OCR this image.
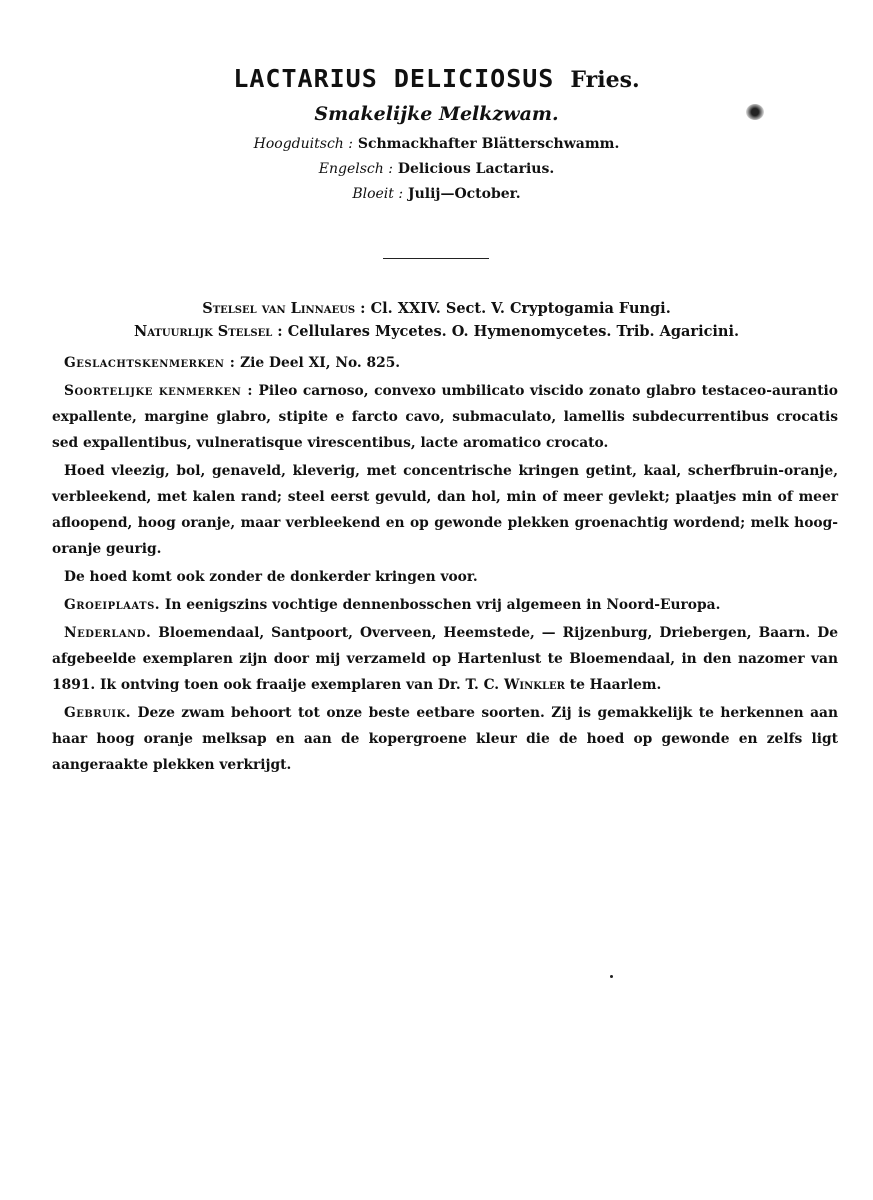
LACTARIUS DELICIOSUS Fries.
Smakelijke Melkzwam.
Hoogduitsch : Schmackhafter Blätterschwamm.
Engelsch : Delicious Lactarius.
Bloeit : Julij—October.
Stelsel van Linnaeus : Cl. XXIV. Sect. V. Cryptogamia Fungi.
Natuurlijk Stelsel : Cellulares Mycetes. O. Hymenomycetes. Trib. Agaricini.

Geslachtskenmerken : Zie Deel XI, No. 825.

Soortelijke kenmerken : Pileo carnoso, convexo umbilicato viscido zonato glabro testaceo-aurantio expallente, margine glabro, stipite e farcto cavo, submaculato, lamellis subdecurrentibus crocatis sed expallentibus, vulneratisque virescentibus, lacte aromatico crocato.

Hoed vleezig, bol, genaveld, kleverig, met concentrische kringen getint, kaal, scherfbruin-oranje, verbleekend, met kalen rand; steel eerst gevuld, dan hol, min of meer gevlekt; plaatjes min of meer afloopend, hoog oranje, maar verbleekend en op gewonde plekken groenachtig wordend; melk hoog-oranje geurig.

De hoed komt ook zonder de donkerder kringen voor.

Groeiplaats. In eenigszins vochtige dennenbosschen vrij algemeen in Noord-Europa.

Nederland. Bloemendaal, Santpoort, Overveen, Heemstede, — Rijzenburg, Driebergen, Baarn. De afgebeelde exemplaren zijn door mij verzameld op Hartenlust te Bloemendaal, in den nazomer van 1891. Ik ontving toen ook fraaije exemplaren van Dr. T. C. Winkler te Haarlem.

Gebruik. Deze zwam behoort tot onze beste eetbare soorten. Zij is gemakkelijk te herkennen aan haar hoog oranje melksap en aan de kopergroene kleur die de hoed op gewonde en zelfs ligt aangeraakte plekken verkrijgt.
